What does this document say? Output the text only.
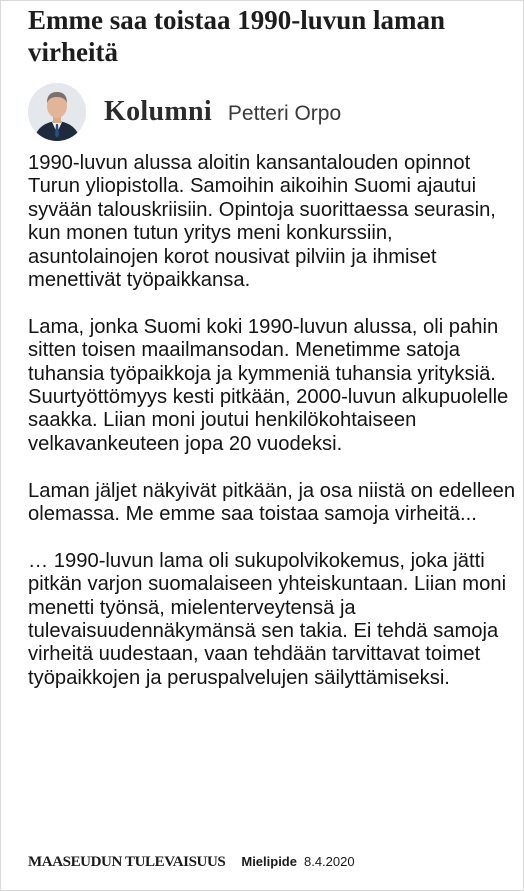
Emme saa toistaa 1990-luvun laman virheitä
Kolumni Petteri Orpo

1990-luvun alussa aloitin kansantalouden opinnot Turun yliopistolla. Samoihin aikoihin Suomi ajautui syvään talouskriisiin. Opintoja suorittaessa seurasin, kun monen tutun yritys meni konkurssiin, asuntolainojen korot nousivat pilviin ja ihmiset menettivät työpaikkansa.

Lama, jonka Suomi koki 1990-luvun alussa, oli pahin sitten toisen maailmansodan. Menetimme satoja tuhansia työpaikkoja ja kymmeniä tuhansia yrityksiä. Suurtyöttömyys kesti pitkään, 2000-luvun alkupuolelle saakka. Liian moni joutui henkilökohtaiseen velkavankeuteen jopa 20 vuodeksi.

Laman jäljet näkyivät pitkään, ja osa niistä on edelleen olemassa. Me emme saa toistaa samoja virheitä...

… 1990-luvun lama oli sukupolvikokemus, joka jätti pitkän varjon suomalaiseen yhteiskuntaan. Liian moni menetti työnsä, mielenterveytensä ja tulevaisuudennäkymänsä sen takia. Ei tehdä samoja virheitä uudestaan, vaan tehdään tarvittavat toimet työpaikkojen ja peruspalvelujen säilyttämiseksi.

MAASEUDUN TULEVAISUUS Mielipide 8.4.2020
